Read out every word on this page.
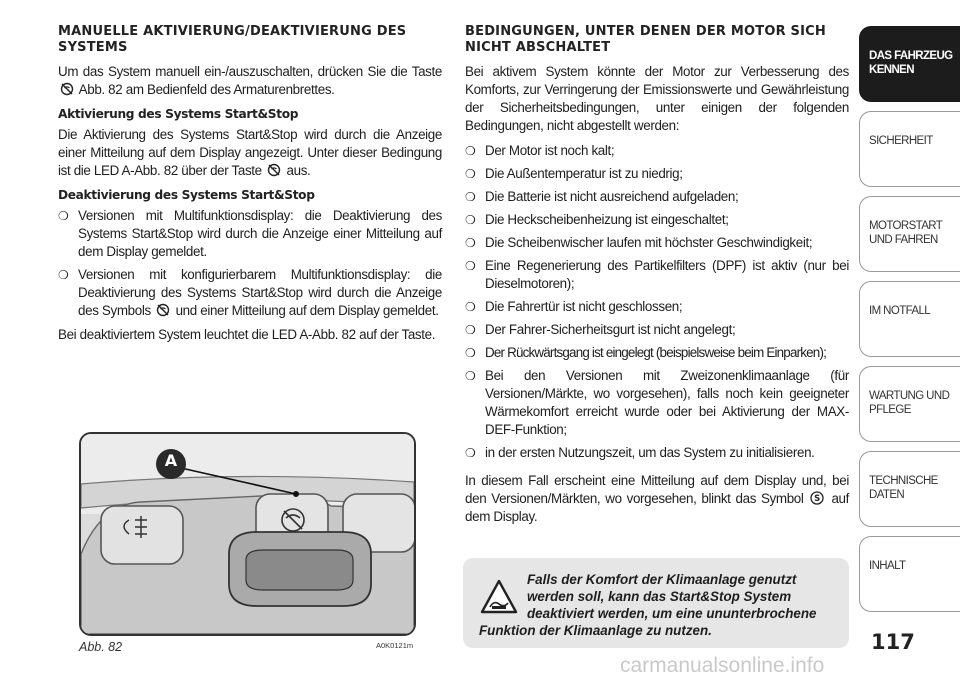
MANUELLE AKTIVIERUNG/DEAKTIVIERUNG DES SYSTEMS

Um das System manuell ein-/auszuschalten, drücken Sie die Taste  Abb. 82 am Bedienfeld des Armaturenbrettes.

Aktivierung des Systems Start&Stop

Die Aktivierung des Systems Start&Stop wird durch die Anzeige einer Mitteilung auf dem Display angezeigt. Unter dieser Bedingung ist die LED A-Abb. 82 über der Taste aus.

Deaktivierung des Systems Start&Stop
❍ Versionen mit Multifunktionsdisplay: die Deaktivierung des Systems Start&Stop wird durch die Anzeige einer Mitteilung auf dem Display gemeldet.
❍ Versionen mit konfigurierbarem Multifunktionsdisplay: die Deaktivierung des Systems Start&Stop wird durch die Anzeige des Symbols und einer Mitteilung auf dem Display gemeldet.

Bei deaktiviertem System leuchtet die LED A-Abb. 82 auf der Taste.

A
Abb. 82	A0K0121m
BEDINGUNGEN, UNTER DENEN DER MOTOR SICH NICHT ABSCHALTET

Bei aktivem System könnte der Motor zur Verbesserung des Komforts, zur Verringerung der Emissionswerte und Gewährleistung der Sicherheitsbedingungen, unter einigen der folgenden Bedingungen, nicht abgestellt werden:

❍ Der Motor ist noch kalt;
❍ Die Außentemperatur ist zu niedrig;
❍ Die Batterie ist nicht ausreichend aufgeladen;
❍ Die Heckscheibenheizung ist eingeschaltet;
❍ Die Scheibenwischer laufen mit höchster Geschwindigkeit;
❍ Eine Regenerierung des Partikelfilters (DPF) ist aktiv (nur bei Dieselmotoren);
❍ Die Fahrertür ist nicht geschlossen;
❍ Der Fahrer-Sicherheitsgurt ist nicht angelegt;
❍ Der Rückwärtsgang ist eingelegt (beispielsweise beim Einparken);
❍ Bei den Versionen mit Zweizonenklimaanlage (für Versionen/Märkte, wo vorgesehen), falls noch kein geeigneter Wärmekomfort erreicht wurde oder bei Aktivierung der MAX-DEF-Funktion;
❍ in der ersten Nutzungszeit, um das System zu initialisieren.

In diesem Fall erscheint eine Mitteilung auf dem Display und, bei den Versionen/Märkten, wo vorgesehen, blinkt das Symbol S auf dem Display.

Falls der Komfort der Klimaanlage genutzt werden soll, kann das Start&Stop System deaktiviert werden, um eine ununterbrochene Funktion der Klimaanlage zu nutzen.	117
DAS FAHRZEUG KENNEN
SICHERHEIT
MOTORSTART UND FAHREN
IM NOTFALL
WARTUNG UND PFLEGE
TECHNISCHE DATEN
INHALT
carmanualsonline.info
